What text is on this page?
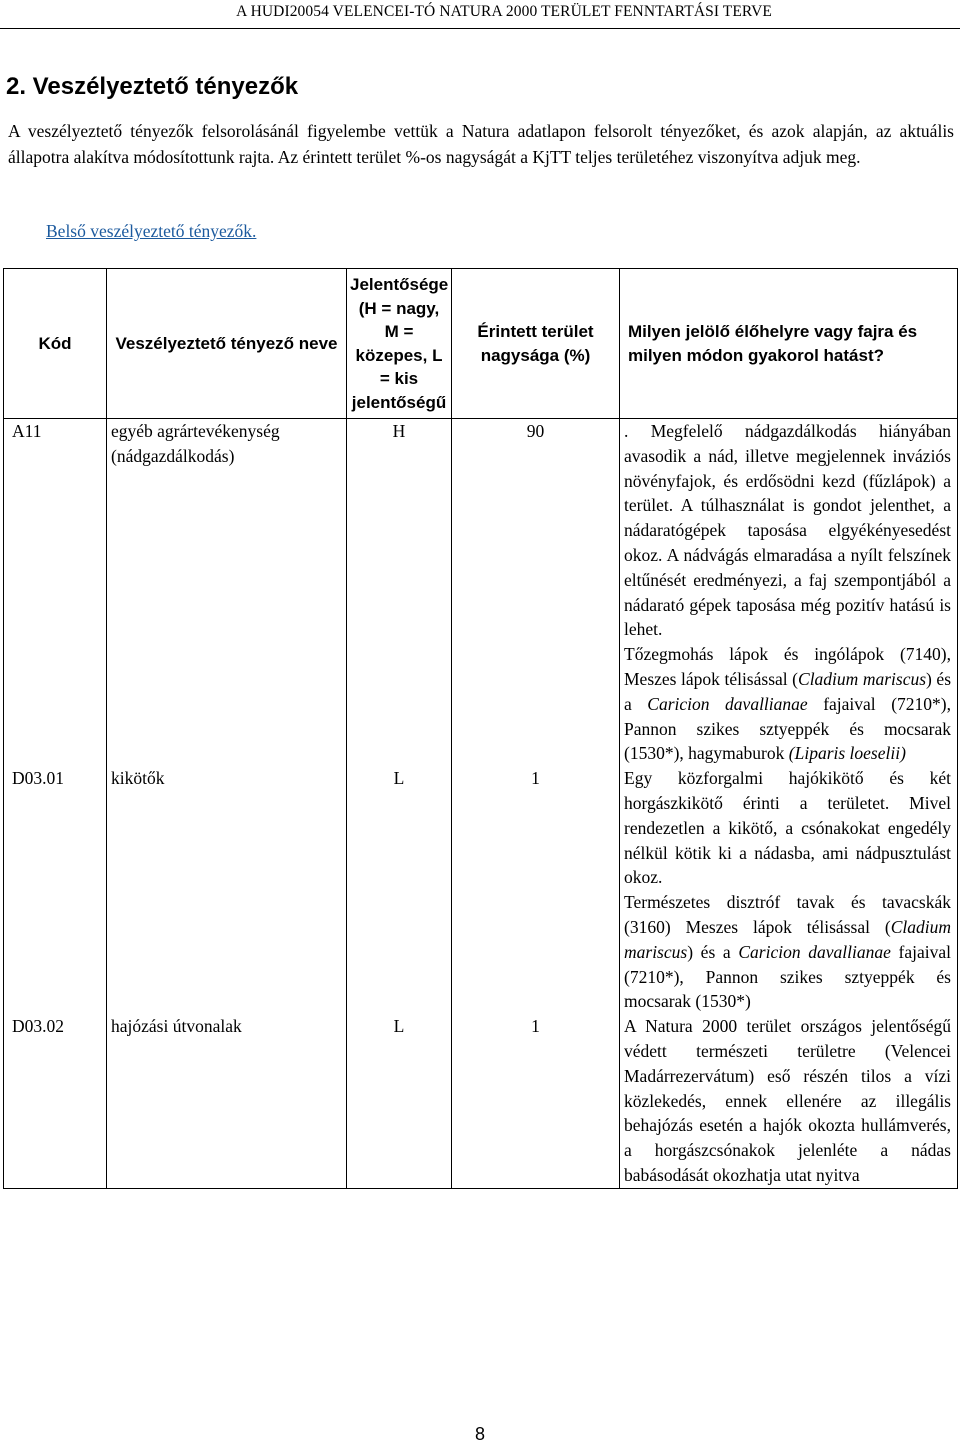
A HUDI20054 VELENCEI-TÓ NATURA 2000 TERÜLET FENNTARTÁSI TERVE
2. Veszélyeztető tényezők

A veszélyeztető tényezők felsorolásánál figyelembe vettük a Natura adatlapon felsorolt tényezőket, és azok alapján, az aktuális állapotra alakítva módosítottunk rajta. Az érintett terület %-os nagyságát a KjTT teljes területéhez viszonyítva adjuk meg.

Belső veszélyeztető tényezők.
Kód	Veszélyeztető tényező neve	Jelentősége (H = nagy, M = közepes, L = kis jelentőségű	Érintett terület nagysága (%)	Milyen jelölő élőhelyre vagy fajra és milyen módon gyakorol hatást?
A11	egyéb agrártevékenység (nádgazdálkodás)	H	90	. Megfelelő nádgazdálkodás hiányában avasodik a nád, illetve megjelennek inváziós növényfajok, és erdősödni kezd (fűzlápok) a terület. A túlhasználat is gondot jelenthet, a nádaratógépek taposása elgyékényesedést okoz. A nádvágás elmaradása a nyílt felszínek eltűnését eredményezi, a faj szempontjából a nádarató gépek taposása még pozitív hatású is lehet.
Tőzegmohás lápok és ingólápok (7140), Meszes lápok télisással (Cladium mariscus) és a Caricion davallianae fajaival (7210*), Pannon szikes sztyeppék és mocsarak (1530*), hagymaburok (Liparis loeselii)

D03.01	kikötők	L	1	Egy közforgalmi hajókikötő és két horgászkikötő érinti a területet. Mivel rendezetlen a kikötő, a csónakokat engedély nélkül kötik ki a nádasba, ami nádpusztulást okoz.
Természetes disztróf tavak és tavacskák (3160) Meszes lápok télisással (Cladium mariscus) és a Caricion davallianae fajaival (7210*), Pannon szikes sztyeppék és mocsarak (1530*)

D03.02	hajózási útvonalak	L	1	A Natura 2000 terület országos jelentőségű védett természeti területre (Velencei Madárrezervátum) eső részén tilos a vízi közlekedés, ennek ellenére az illegális behajózás esetén a hajók okozta hullámverés, a horgászcsónakok jelenléte a nádas babásodását okozhatja utat nyitva
8
